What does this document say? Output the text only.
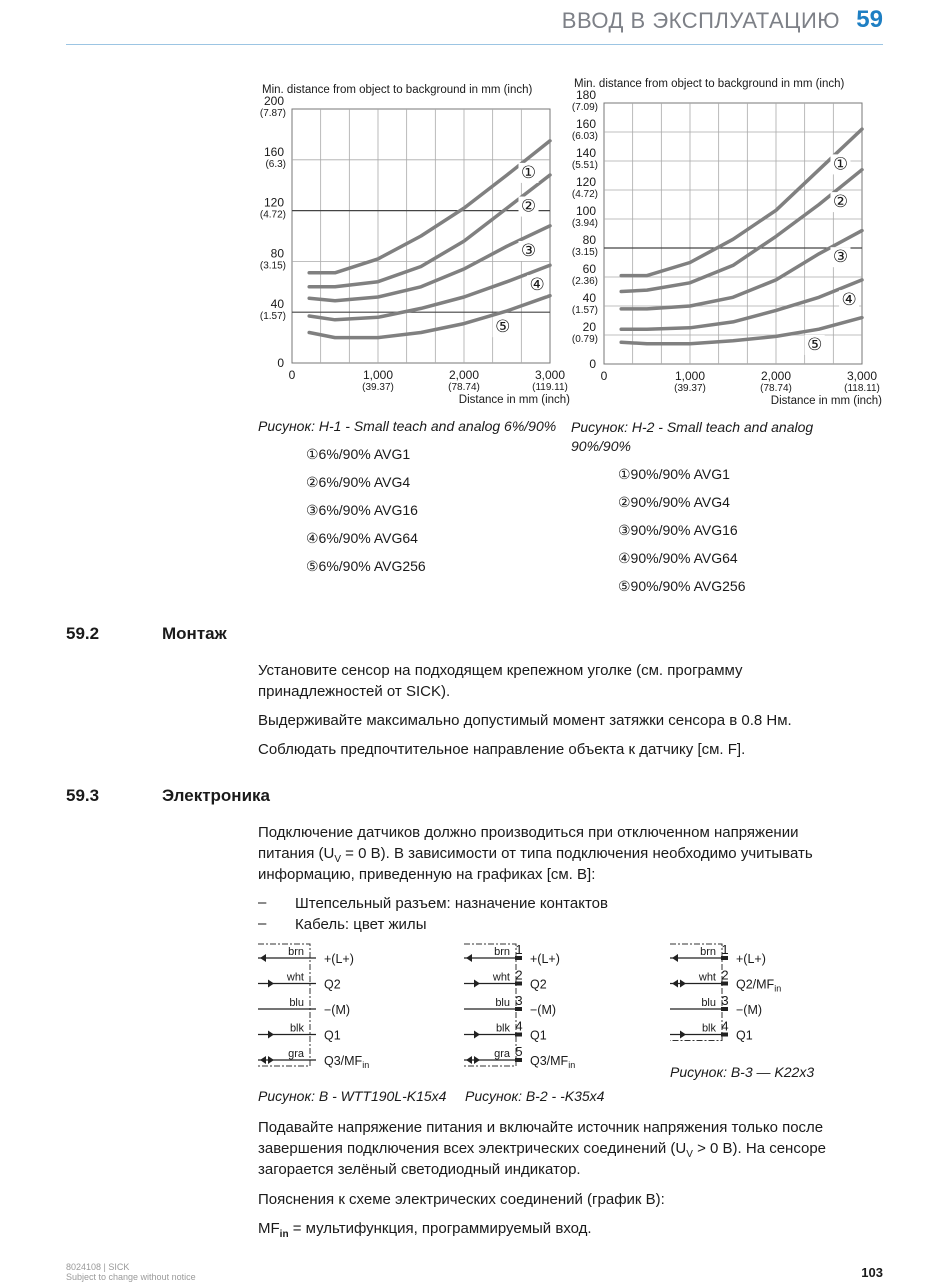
ВВОД В ЭКСПЛУАТАЦИЮ 59
0
40
(1.57)
80
(3.15)
120
(4.72)
160
(6.3)
200
(7.87)
0	1,000
(39.37)
2,000
(78.74)
3,000
(119.11)
Min. distance from object to background in mm (inch)
Distance in mm (inch)
①
②
③
④
⑤
0
20
(0.79)
40
(1.57)
60
(2.36)
80
(3.15)
100
(3.94)
120
(4.72)
140
(5.51)
160
(6.03)
180
(7.09)
0	1,000
(39.37)
2,000
(78.74)
3,000
(118.11)
Min. distance from object to background in mm (inch)
Distance in mm (inch)
①
②
③
④
⑤
Рисунок: H-1 - Small teach and analog 6%/90%
①6%/90% AVG1
②6%/90% AVG4
③6%/90% AVG16
④6%/90% AVG64
⑤6%/90% AVG256
Рисунок: H-2 - Small teach and analog
90%/90%
①90%/90% AVG1
②90%/90% AVG4
③90%/90% AVG16
④90%/90% AVG64
⑤90%/90% AVG256
59.2	Монтаж
Установите сенсор на подходящем крепежном уголке (см. программу
принадлежностей от SICK).
Выдерживайте максимально допустимый момент затяжки сенсора в 0.8 Нм.
Соблюдать предпочтительное направление объекта к датчику [см. F].
59.3	Электроника
Подключение датчиков должно производиться при отключенном напряжении
питания ($U_V = 0$ В). В зависимости от типа подключения необходимо учитывать
информацию, приведенную на графиках [см. B]:
– Штепсельный разъем: назначение контактов
– Кабель: цвет жилы
brn +(L+)
wht Q2
blu −(M)
blk Q1
gra $Q3/MF_{in}$
brn 1
+(L+)
wht 2
Q2
blu 3
−(M)
blk 4
Q1
gra 5
$Q3/MF_{in}$
brn 1
+(L+)
wht 2
$Q2/MF_{in}$
blu 3
−(M)
blk 4
Q1
Рисунок: B - WTT190L-K15x4 Рисунок: B-2 - -K35x4
Рисунок: B-3 — K22x3
Подавайте напряжение питания и включайте источник напряжения только после
завершения подключения всех электрических соединений ($U_V > 0$ В). На сенсоре
загорается зелёный светодиодный индикатор.
Пояснения к схеме электрических соединений (график B):
$MF_{in}$ = мультифункция, программируемый вход.
8024108 | SICK
Subject to change without notice	103
